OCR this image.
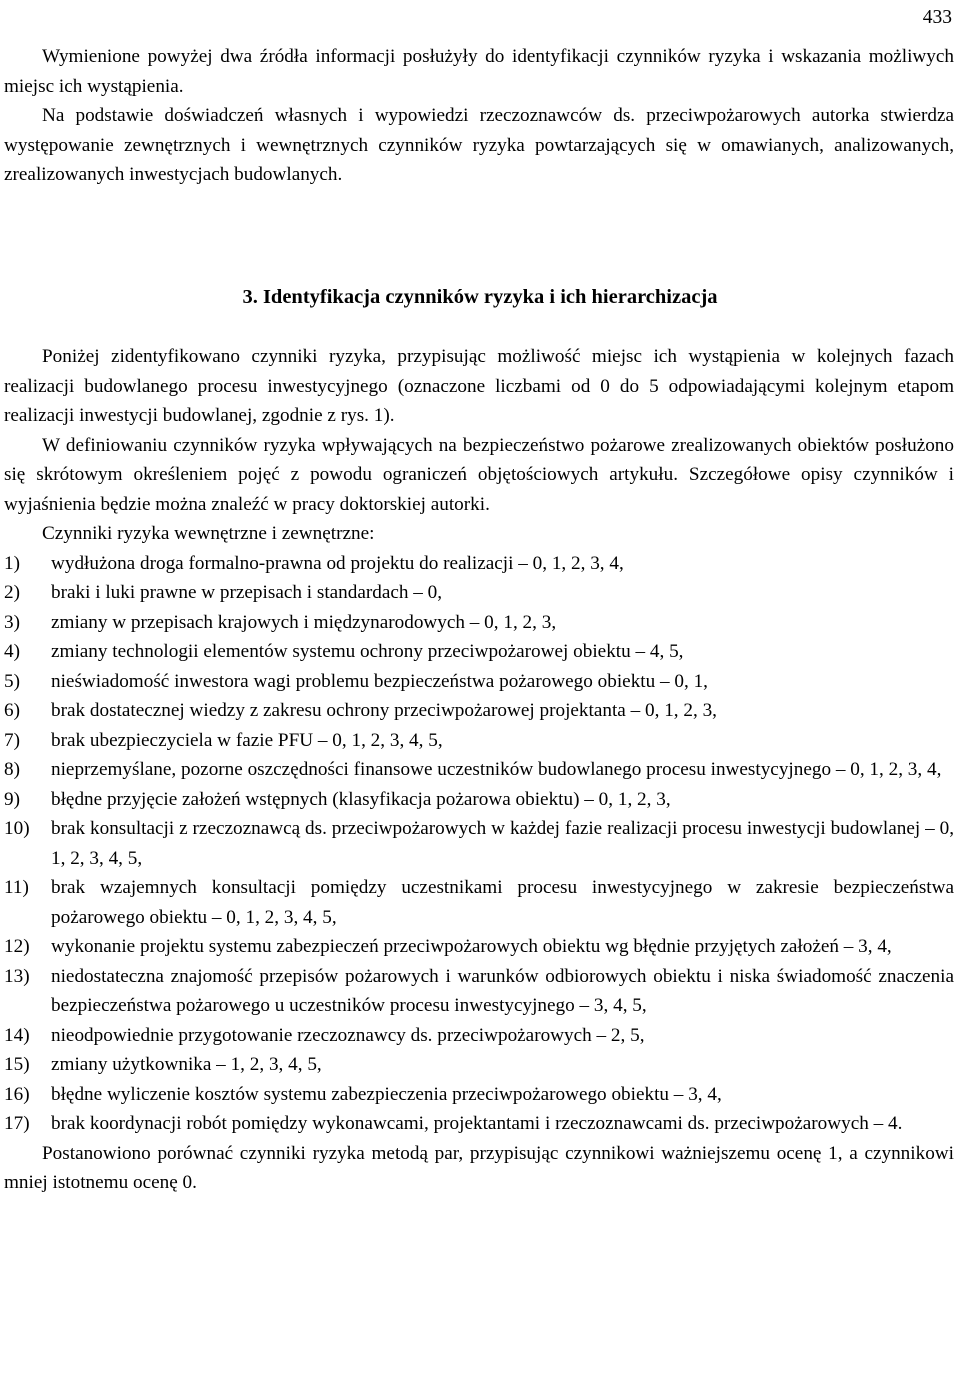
433

Wymienione powyżej dwa źródła informacji posłużyły do identyfikacji czynników ryzyka i wskazania możliwych miejsc ich wystąpienia.

Na podstawie doświadczeń własnych i wypowiedzi rzeczoznawców ds. przeciwpożarowych autorka stwierdza występowanie zewnętrznych i wewnętrznych czynników ryzyka powtarzających się w omawianych, analizowanych, zrealizowanych inwestycjach budowlanych.

3. Identyfikacja czynników ryzyka i ich hierarchizacja

Poniżej zidentyfikowano czynniki ryzyka, przypisując możliwość miejsc ich wystąpienia w kolejnych fazach realizacji budowlanego procesu inwestycyjnego (oznaczone liczbami od 0 do 5 odpowiadającymi kolejnym etapom realizacji inwestycji budowlanej, zgodnie z rys. 1).

W definiowaniu czynników ryzyka wpływających na bezpieczeństwo pożarowe zrealizowanych obiektów posłużono się skrótowym określeniem pojęć z powodu ograniczeń objętościowych artykułu. Szczegółowe opisy czynników i wyjaśnienia będzie można znaleźć w pracy doktorskiej autorki.

Czynniki ryzyka wewnętrzne i zewnętrzne:

1)	wydłużona droga formalno-prawna od projektu do realizacji – 0, 1, 2, 3, 4,
2)	braki i luki prawne w przepisach i standardach – 0,
3)	zmiany w przepisach krajowych i międzynarodowych – 0, 1, 2, 3,
4)	zmiany technologii elementów systemu ochrony przeciwpożarowej obiektu – 4, 5,
5)	nieświadomość inwestora wagi problemu bezpieczeństwa pożarowego obiektu – 0, 1,
6)	brak dostatecznej wiedzy z zakresu ochrony przeciwpożarowej projektanta – 0, 1, 2, 3,
7)	brak ubezpieczyciela w fazie PFU – 0, 1, 2, 3, 4, 5,
8)	nieprzemyślane, pozorne oszczędności finansowe uczestników budowlanego procesu inwestycyjnego – 0, 1, 2, 3, 4,
9)	błędne przyjęcie założeń wstępnych (klasyfikacja pożarowa obiektu) – 0, 1, 2, 3,
10)	brak konsultacji z rzeczoznawcą ds. przeciwpożarowych w każdej fazie realizacji procesu inwestycji budowlanej – 0, 1, 2, 3, 4, 5,
11)	brak wzajemnych konsultacji pomiędzy uczestnikami procesu inwestycyjnego w zakresie bezpieczeństwa pożarowego obiektu – 0, 1, 2, 3, 4, 5,
12)	wykonanie projektu systemu zabezpieczeń przeciwpożarowych obiektu wg błędnie przyjętych założeń – 3, 4,
13)	niedostateczna znajomość przepisów pożarowych i warunków odbiorowych obiektu i niska świadomość znaczenia bezpieczeństwa pożarowego u uczestników procesu inwestycyjnego – 3, 4, 5,
14)	nieodpowiednie przygotowanie rzeczoznawcy ds. przeciwpożarowych – 2, 5,
15)	zmiany użytkownika – 1, 2, 3, 4, 5,
16)	błędne wyliczenie kosztów systemu zabezpieczenia przeciwpożarowego obiektu – 3, 4,
17)	brak koordynacji robót pomiędzy wykonawcami, projektantami i rzeczoznawcami ds. przeciwpożarowych – 4.

Postanowiono porównać czynniki ryzyka metodą par, przypisując czynnikowi ważniejszemu ocenę 1, a czynnikowi mniej istotnemu ocenę 0.
